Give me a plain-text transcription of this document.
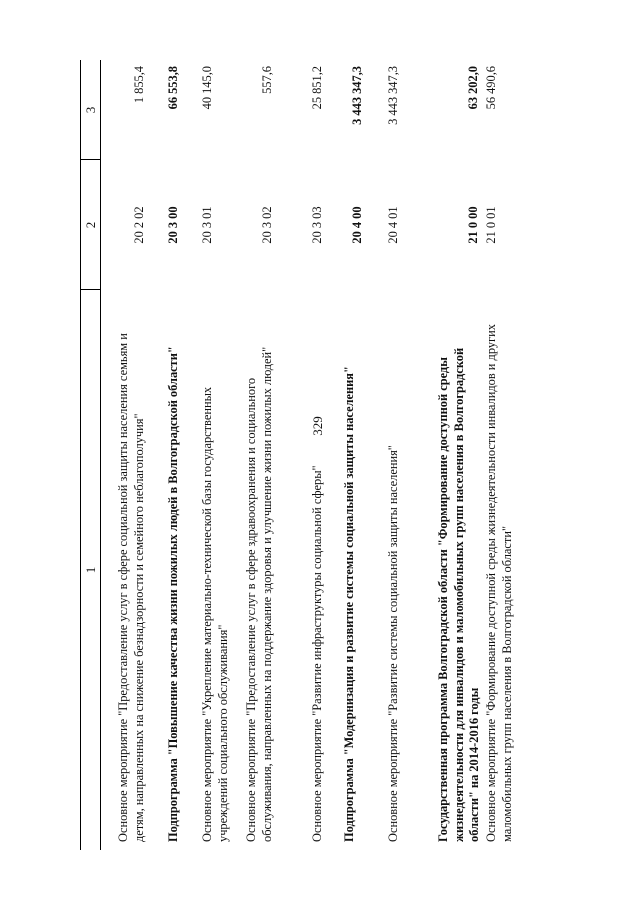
329
1
2
3
Основное мероприятие "Предоставление услуг в сфере социальной защиты населения семьям и детям, направленных на снижение безнадзорности и семейного неблагополучия"
20 2 02
1 855,4
Подпрограмма "Повышение качества жизни пожилых людей в Волгоградской области"
20 3 00
66 553,8
Основное мероприятие "Укрепление материально-технической базы государственных учреждений социального обслуживания"
20 3 01
40 145,0
Основное мероприятие "Предоставление услуг в сфере здравоохранения и социального обслуживания, направленных на поддержание здоровья и улучшение жизни пожилых людей"
20 3 02
557,6
Основное мероприятие "Развитие инфраструктуры социальной сферы"
20 3 03
25 851,2
Подпрограмма "Модернизация и развитие системы социальной защиты населения"
20 4 00
3 443 347,3
Основное мероприятие "Развитие системы социальной защиты населения"
20 4 01
3 443 347,3
Государственная программа Волгоградской области "Формирование доступной среды жизнедеятельности для инвалидов и маломобильных групп населения в Волгоградской области" на 2014-2016 годы
21 0 00
63 202,0
Основное мероприятие "Формирование доступной среды жизнедеятельности инвалидов и других маломобильных групп населения в Волгоградской области"
21 0 01
56 490,6
